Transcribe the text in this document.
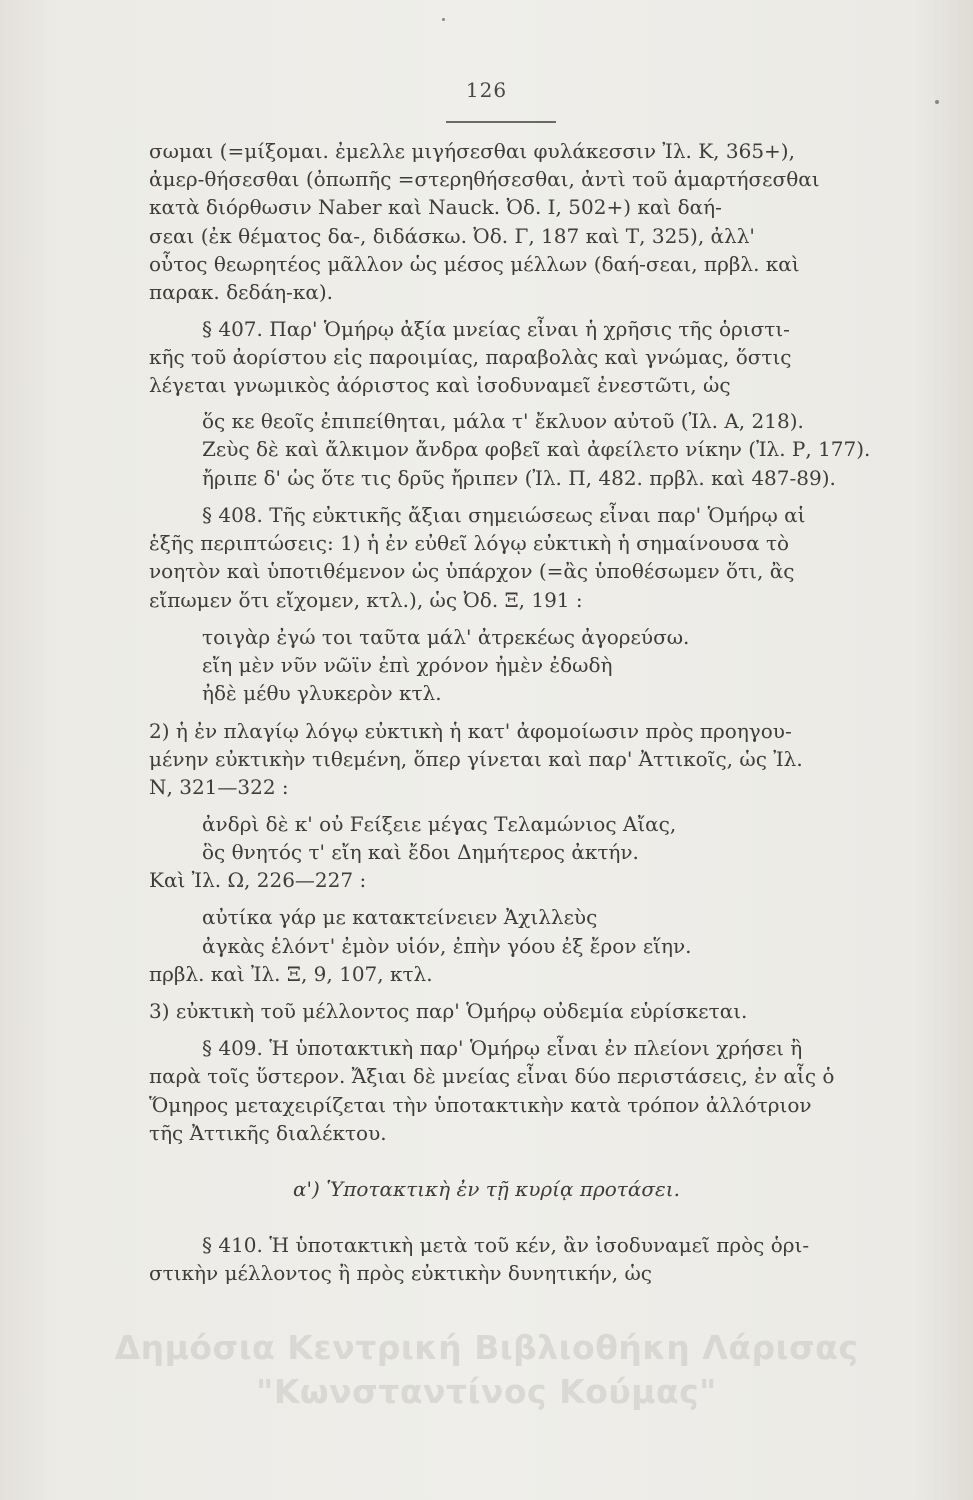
126
σωμαι (=μίξομαι. ἐμελλε μιγήσεσθαι φυλάκεσσιν Ἰλ. Κ, 365+),
ἀμερ-θήσεσθαι (ὀπωπῆς =στερηθήσεσθαι, ἀντὶ τοῦ ἁμαρτήσεσθαι
κατὰ διόρθωσιν Naber καὶ Nauck. Ὀδ. Ι, 502+) καὶ δαή-
σεαι (ἐκ θέματος δα-, διδάσκω. Ὀδ. Γ, 187 καὶ Τ, 325), ἀλλ'
οὗτος θεωρητέος μᾶλλον ὡς μέσος μέλλων (δαή-σεαι, πρβλ. καὶ
παρακ. δεδάη-κα).
§ 407. Παρ' Ὁμήρῳ ἀξία μνείας εἶναι ἡ χρῆσις τῆς ὁριστι-
κῆς τοῦ ἀορίστου εἰς παροιμίας, παραβολὰς καὶ γνώμας, ὅστις
λέγεται γνωμικὸς ἀόριστος καὶ ἰσοδυναμεῖ ἐνεστῶτι, ὡς
ὅς κε θεοῖς ἐπιπείθηται, μάλα τ' ἔκλυον αὐτοῦ (Ἰλ. Α, 218).
Ζεὺς δὲ καὶ ἄλκιμον ἄνδρα φοβεῖ καὶ ἀφείλετο νίκην (Ἰλ. Ρ, 177).
ἤριπε δ' ὡς ὅτε τις δρῦς ἤριπεν (Ἰλ. Π, 482. πρβλ. καὶ 487-89).
§ 408. Τῆς εὐκτικῆς ἄξιαι σημειώσεως εἶναι παρ' Ὁμήρῳ αἱ
ἑξῆς περιπτώσεις: 1) ἡ ἐν εὐθεῖ λόγῳ εὐκτικὴ ἡ σημαίνουσα τὸ
νοητὸν καὶ ὑποτιθέμενον ὡς ὑπάρχον (=ἂς ὑποθέσωμεν ὅτι, ἂς
εἴπωμεν ὅτι εἴχομεν, κτλ.), ὡς Ὀδ. Ξ, 191 :
τοιγὰρ ἐγώ τοι ταῦτα μάλ' ἀτρεκέως ἀγορεύσω.
εἴη μὲν νῦν νῶϊν ἐπὶ χρόνον ἠμὲν ἐδωδὴ
ἠδὲ μέθυ γλυκερὸν κτλ.
2) ἡ ἐν πλαγίῳ λόγῳ εὐκτικὴ ἡ κατ' ἀφομοίωσιν πρὸς προηγου-
μένην εὐκτικὴν τιθεμένη, ὅπερ γίνεται καὶ παρ' Ἀττικοῖς, ὡς Ἰλ.
Ν, 321—322 :
ἀνδρὶ δὲ κ' οὐ Fείξειε μέγας Τελαμώνιος Αἴας,
ὃς θνητός τ' εἴη καὶ ἔδοι Δημήτερος ἀκτήν.
Καὶ Ἰλ. Ω, 226—227 :
αὐτίκα γάρ με κατακτείνειεν Ἀχιλλεὺς
ἀγκὰς ἑλόντ' ἐμὸν υἱόν, ἐπὴν γόου ἐξ ἔρον εἵην.
πρβλ. καὶ Ἰλ. Ξ, 9, 107, κτλ.
3) εὐκτικὴ τοῦ μέλλοντος παρ' Ὁμήρῳ οὐδεμία εὑρίσκεται.
§ 409. Ἡ ὑποτακτικὴ παρ' Ὁμήρῳ εἶναι ἐν πλείονι χρήσει ἢ
παρὰ τοῖς ὕστερον. Ἄξιαι δὲ μνείας εἶναι δύο περιστάσεις, ἐν αἷς ὁ
Ὅμηρος μεταχειρίζεται τὴν ὑποτακτικὴν κατὰ τρόπον ἀλλότριον
τῆς Ἀττικῆς διαλέκτου.
α') Ὑποτακτικὴ ἐν τῇ κυρίᾳ προτάσει.
§ 410. Ἡ ὑποτακτικὴ μετὰ τοῦ κέν, ἂν ἰσοδυναμεῖ πρὸς ὁρι-
στικὴν μέλλοντος ἢ πρὸς εὐκτικὴν δυνητικήν, ὡς
Δημόσια Κεντρική Βιβλιοθήκη Λάρισας
"Κωνσταντίνος Κούμας"
